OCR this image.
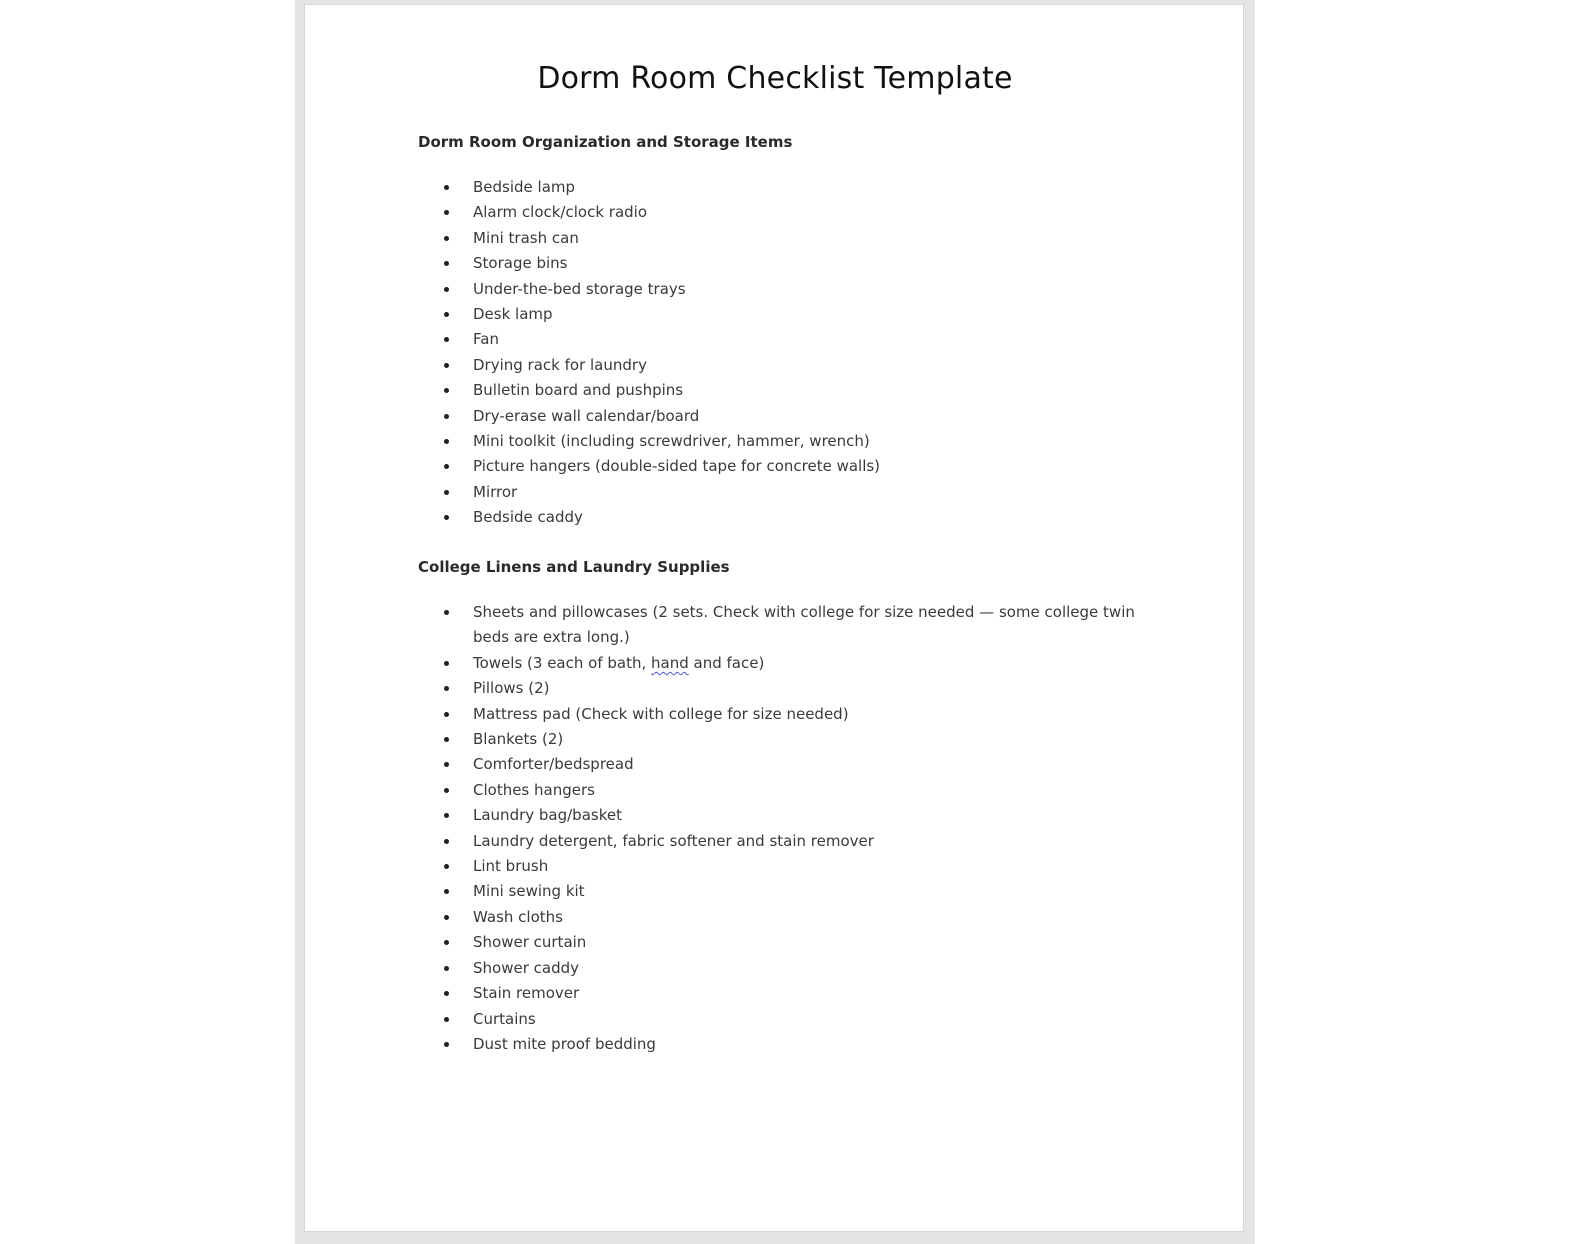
Dorm Room Checklist Template
Dorm Room Organization and Storage Items
Bedside lamp
Alarm clock/clock radio
Mini trash can
Storage bins
Under-the-bed storage trays
Desk lamp
Fan
Drying rack for laundry
Bulletin board and pushpins
Dry-erase wall calendar/board
Mini toolkit (including screwdriver, hammer, wrench)
Picture hangers (double-sided tape for concrete walls)
Mirror
Bedside caddy
College Linens and Laundry Supplies
Sheets and pillowcases (2 sets. Check with college for size needed — some college twin beds are extra long.)
Towels (3 each of bath, hand and face)
Pillows (2)
Mattress pad (Check with college for size needed)
Blankets (2)
Comforter/bedspread
Clothes hangers
Laundry bag/basket
Laundry detergent, fabric softener and stain remover
Lint brush
Mini sewing kit
Wash cloths
Shower curtain
Shower caddy
Stain remover
Curtains
Dust mite proof bedding
